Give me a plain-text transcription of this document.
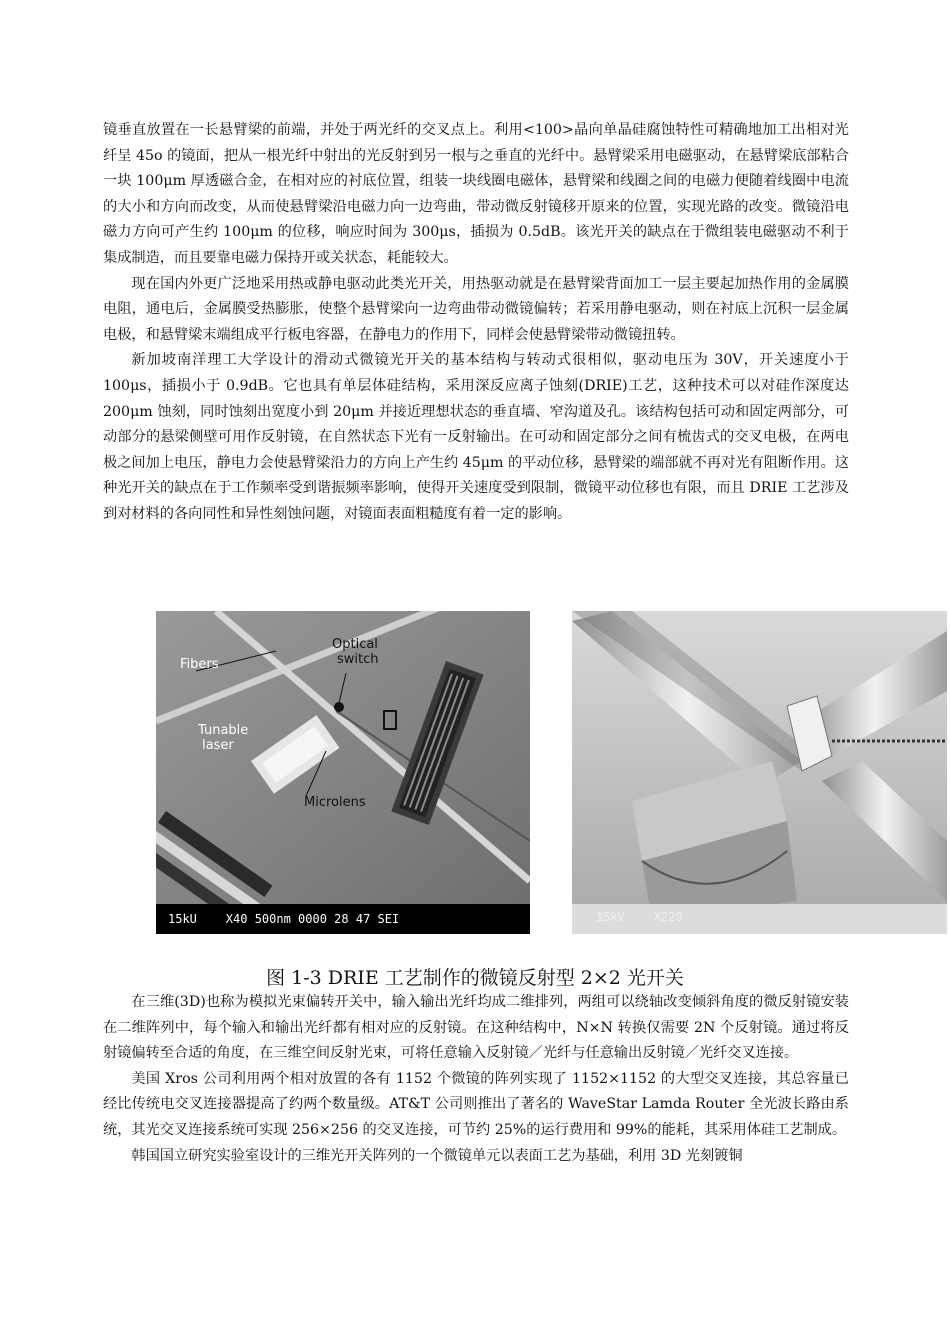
镜垂直放置在一长悬臂梁的前端，并处于两光纤的交叉点上。利用<100>晶向单晶硅腐蚀特性可精确地加工出相对光纤呈 45o 的镜面，把从一根光纤中射出的光反射到另一根与之垂直的光纤中。悬臂梁采用电磁驱动，在悬臂梁底部粘合一块 100μm 厚透磁合金，在相对应的衬底位置，组装一块线圈电磁体，悬臂梁和线圈之间的电磁力便随着线圈中电流的大小和方向而改变，从而使悬臂梁沿电磁力向一边弯曲，带动微反射镜移开原来的位置，实现光路的改变。微镜沿电磁力方向可产生约 100μm 的位移，响应时间为 300μs，插损为 0.5dB。该光开关的缺点在于微组装电磁驱动不利于集成制造，而且要靠电磁力保持开或关状态，耗能较大。

现在国内外更广泛地采用热或静电驱动此类光开关，用热驱动就是在悬臂梁背面加工一层主要起加热作用的金属膜电阻，通电后，金属膜受热膨胀，使整个悬臂梁向一边弯曲带动微镜偏转；若采用静电驱动，则在衬底上沉积一层金属电极，和悬臂梁末端组成平行板电容器，在静电力的作用下，同样会使悬臂梁带动微镜扭转。

新加坡南洋理工大学设计的滑动式微镜光开关的基本结构与转动式很相似，驱动电压为 30V，开关速度小于 100μs，插损小于 0.9dB。它也具有单层体硅结构，采用深反应离子蚀刻(DRIE)工艺，这种技术可以对硅作深度达 200μm 蚀刻，同时蚀刻出宽度小到 20μm 并接近理想状态的垂直墙、窄沟道及孔。该结构包括可动和固定两部分，可动部分的悬梁侧壁可用作反射镜，在自然状态下光有一反射输出。在可动和固定部分之间有梳齿式的交叉电极，在两电极之间加上电压，静电力会使悬臂梁沿力的方向上产生约 45μm 的平动位移，悬臂梁的端部就不再对光有阻断作用。这种光开关的缺点在于工作频率受到谐振频率影响，使得开关速度受到限制，微镜平动位移也有限，而且 DRIE 工艺涉及到对材料的各向同性和异性刻蚀问题，对镜面表面粗糙度有着一定的影响。

Fibers
Optical
switch
Tunable
laser
Microlens
15kU    X40 500nm 0000 28 47 SEI	15kV    X220
图 1-3 DRIE 工艺制作的微镜反射型 2×2 光开关

在三维(3D)也称为模拟光束偏转开关中，输入输出光纤均成二维排列，两组可以绕轴改变倾斜角度的微反射镜安装在二维阵列中，每个输入和输出光纤都有相对应的反射镜。在这种结构中，N×N 转换仅需要 2N 个反射镜。通过将反射镜偏转至合适的角度，在三维空间反射光束，可将任意输入反射镜／光纤与任意输出反射镜／光纤交叉连接。

美国 Xros 公司利用两个相对放置的各有 1152 个微镜的阵列实现了 1152×1152 的大型交叉连接，其总容量已经比传统电交叉连接器提高了约两个数量级。AT&T 公司则推出了著名的 WaveStar Lamda Router 全光波长路由系统，其光交叉连接系统可实现 256×256 的交叉连接，可节约 25%的运行费用和 99%的能耗，其采用体硅工艺制成。

韩国国立研究实验室设计的三维光开关阵列的一个微镜单元以表面工艺为基础，利用 3D 光刻镀铜
